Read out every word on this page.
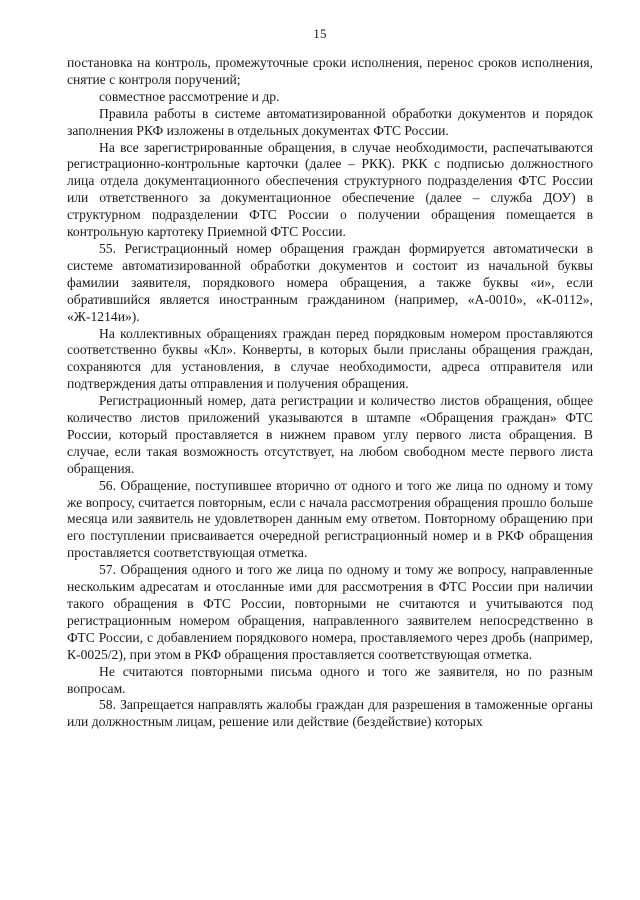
15

постановка на контроль, промежуточные сроки исполнения, перенос сроков исполнения, снятие с контроля поручений;

совместное рассмотрение и др.

Правила работы в системе автоматизированной обработки документов и порядок заполнения РКФ изложены в отдельных документах ФТС России.

На все зарегистрированные обращения, в случае необходимости, распечатываются регистрационно-контрольные карточки (далее – РКК). РКК с подписью должностного лица отдела документационного обеспечения структурного подразделения ФТС России или ответственного за документационное обеспечение (далее – служба ДОУ) в структурном подразделении ФТС России о получении обращения помещается в контрольную картотеку Приемной ФТС России.

55. Регистрационный номер обращения граждан формируется автоматически в системе автоматизированной обработки документов и состоит из начальной буквы фамилии заявителя, порядкового номера обращения, а также буквы «и», если обратившийся является иностранным гражданином (например, «А-0010», «К-0112», «Ж-1214и»).

На коллективных обращениях граждан перед порядковым номером проставляются соответственно буквы «Кл». Конверты, в которых были присланы обращения граждан, сохраняются для установления, в случае необходимости, адреса отправителя или подтверждения даты отправления и получения обращения.

Регистрационный номер, дата регистрации и количество листов обращения, общее количество листов приложений указываются в штампе «Обращения граждан» ФТС России, который проставляется в нижнем правом углу первого листа обращения. В случае, если такая возможность отсутствует, на любом свободном месте первого листа обращения.

56. Обращение, поступившее вторично от одного и того же лица по одному и тому же вопросу, считается повторным, если с начала рассмотрения обращения прошло больше месяца или заявитель не удовлетворен данным ему ответом. Повторному обращению при его поступлении присваивается очередной регистрационный номер и в РКФ обращения проставляется соответствующая отметка.

57. Обращения одного и того же лица по одному и тому же вопросу, направленные нескольким адресатам и отосланные ими для рассмотрения в ФТС России при наличии такого обращения в ФТС России, повторными не считаются и учитываются под регистрационным номером обращения, направленного заявителем непосредственно в ФТС России, с добавлением порядкового номера, проставляемого через дробь (например, К-0025/2), при этом в РКФ обращения проставляется соответствующая отметка.

Не считаются повторными письма одного и того же заявителя, но по разным вопросам.

58. Запрещается направлять жалобы граждан для разрешения в таможенные органы или должностным лицам, решение или действие (бездействие) которых
